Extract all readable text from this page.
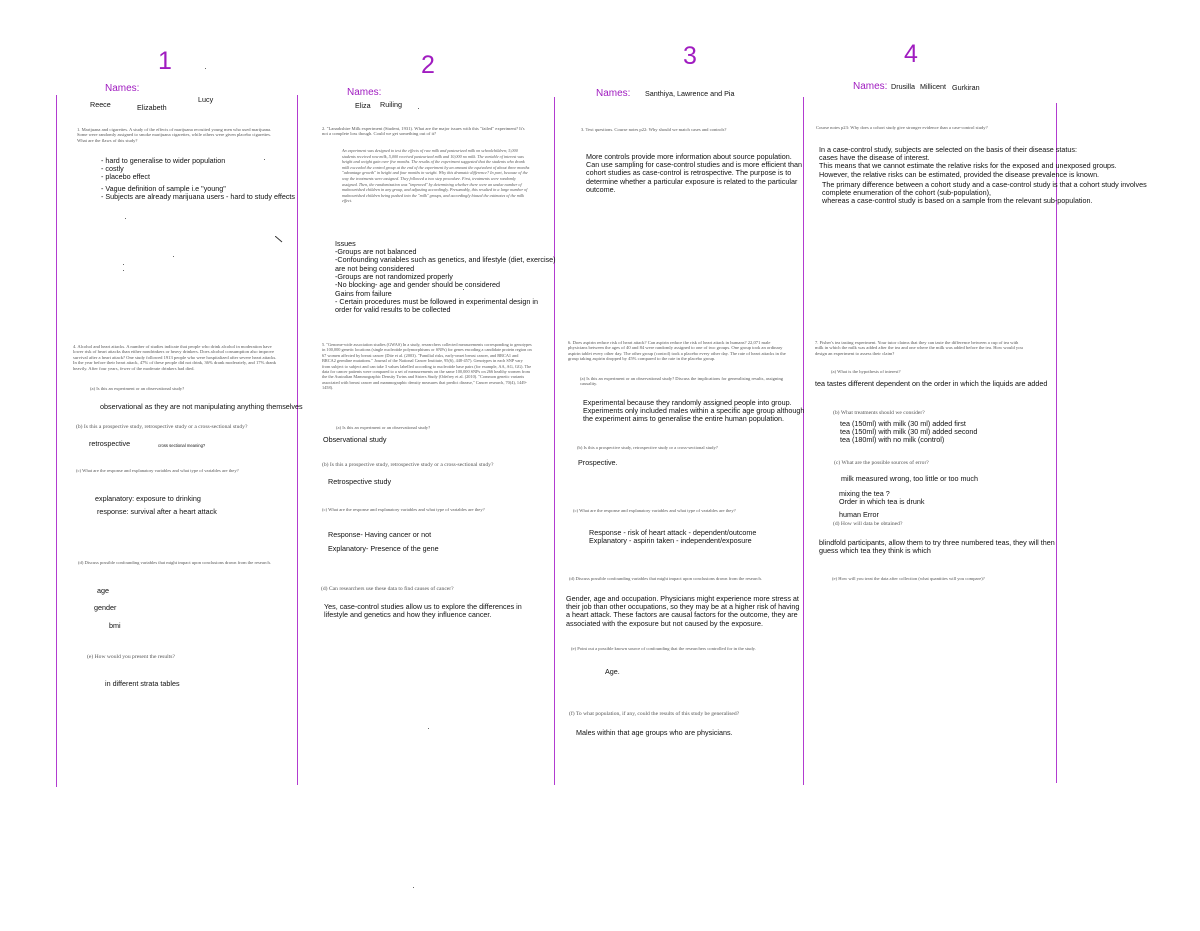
1
Names:
Reece	Elizabeth
Lucy
1. Marijuana and cigarettes. A study of the effects of marijuana recruited young men who used marijuana. Some were randomly assigned to smoke marijuana cigarettes, while others were given placebo cigarettes. What are the flaws of this study?
- hard to generalise to wider population
- costly
- placebo effect
- Vague definition of sample i.e "young"
- Subjects are already marijuana users - hard to study effects
4. Alcohol and heart attacks. A number of studies indicate that people who drink alcohol in moderation have lower risk of heart attacks than either nondrinkers or heavy drinkers. Does alcohol consumption also improve survival after a heart attack? One study followed 1913 people who were hospitalized after severe heart attacks. In the year before their heart attack, 47% of these people did not drink, 36% drank moderately, and 17% drank heavily. After four years, fewer of the moderate drinkers had died.
(a) Is this an experiment or an observational study?
observational as they are not manipulating anything themselves
(b) Is this a prospective study, retrospective study or a cross-sectional study?
retrospective	cross sectional meaning?
(c) What are the response and explanatory variables and what type of variables are they?
explanatory: exposure to drinking
response: survival after a heart attack
(d) Discuss possible confounding variables that might impact upon conclusions drawn from the research.
age
gender
bmi
(e) How would you present the results?
in different strata tables
2
Names:
Eliza Ruiling
2. "Lanarkshire Milk experiment (Student, 1931). What are the major issues with this "failed" experiment? It's not a complete loss though. Could we get something out of it?
An experiment was designed to test the effects of raw milk and pasteurized milk on schoolchildren; 5,000 students received raw milk, 5,000 received pasteurized milk and 10,000 no milk. The variable of interest was height and weight gain over five months. The results of the experiment suggested that the students who drank milk exceeded the control group at the end of the experiment by an amount the equivalent of about three months "advantage growth" in height and four months in weight. Why this dramatic difference? In part, because of the way the treatments were assigned. They followed a two step procedure. First, treatments were randomly assigned. Then, the randomization was "improved" by determining whether there were an undue number of malnourished children in any group, and adjusting accordingly. Presumably, this resulted in a large number of malnourished children being pushed into the "milk" groups, and accordingly biased the estimates of the milk effect.
Issues
-Groups are not balanced
-Confounding variables such as genetics, and lifestyle (diet, exercise)
are not being considered
-Groups are not randomized properly
-No blocking- age and gender should be considered
Gains from failure
- Certain procedures must be followed in experimental design in
order for valid results to be collected
5. "Genome-wide association studies (GWAS) In a study, researchers collected measurements corresponding to genotypes in 100,000 genetic locations (single nucleotide polymorphisms or SNPs) for genes encoding a candidate protein region on 67 women affected by breast cancer (Dite et al. (2003). "Familial risks, early-onset breast cancer, and BRCA1 and BRCA2 germline mutations." Journal of the National Cancer Institute, 95(6), 448-457). Genotypes in each SNP vary from subject to subject and can take 3 values labelled according to nucleotide base pairs (for example, AA, AG, GG). The data for cancer patients were compared to a set of measurements on the same 100,000 SNPs on 266 healthy women from the the Australian Mammographic Density Twins and Sisters Study (Odefrey et al. (2010). "Common genetic variants associated with breast cancer and mammographic density measures that predict disease," Cancer research, 70(4), 1449-1458).
(a) Is this an experiment or an observational study?
Observational study
(b) Is this a prospective study, retrospective study or a cross-sectional study?
Retrospective study
(c) What are the response and explanatory variables and what type of variables are they?
Response- Having cancer or not
Explanatory- Presence of the gene
(d) Can researchers use these data to find causes of cancer?
Yes, case-control studies allow us to explore the differences in
lifestyle and genetics and how they influence cancer.
3
Names: Santhiya, Lawrence and Pia
3. Text questions. Course notes p22: Why should we match cases and controls?
More controls provide more information about source population.
Can use sampling for case-control studies and is more efficient than
cohort studies as case-control is retrospective. The purpose is to
determine whether a particular exposure is related to the particular
outcome.
6. Does aspirin reduce risk of heart attack? Can aspirin reduce the risk of heart attack in humans? 22,071 male physicians between the ages of 40 and 84 were randomly assigned to one of two groups. One group took an ordinary aspirin tablet every other day. The other group (control) took a placebo every other day. The rate of heart attacks in the group taking aspirin dropped by 45% compared to the rate in the placebo group.
(a) Is this an experiment or an observational study? Discuss the implications for generalising results, assigning causality.
Experimental because they randomly assigned people into group.
Experiments only included males within a specific age group although
the experiment aims to generalise the entire human population.
(b) Is this a prospective study, retrospective study or a cross-sectional study?
Prospective.
(c) What are the response and explanatory variables and what type of variables are they?
Response - risk of heart attack - dependent/outcome
Explanatory - aspirin taken - independent/exposure
(d) Discuss possible confounding variables that might impact upon conclusions drawn from the research.
Gender, age and occupation. Physicians might experience more stress at
their job than other occupations, so they may be at a higher risk of having
a heart attack. These factors are causal factors for the outcome, they are
associated with the exposure but not caused by the exposure.
(e) Point out a possible known source of confounding that the researchers controlled for in the study.
Age.
(f) To what population, if any, could the results of this study be generalised?
Males within that age groups who are physicians.
4
Names: Drusilla Millicent Gurkiran
Course notes p23: Why does a cohort study give stronger evidence than a case-control study?
In a case-control study, subjects are selected on the basis of their disease status:
cases have the disease of interest.
This means that we cannot estimate the relative risks for the exposed and unexposed groups.
However, the relative risks can be estimated, provided the disease prevalence is known.
The primary difference between a cohort study and a case-control study is that a cohort study involves
complete enumeration of the cohort (sub-population),
whereas a case-control study is based on a sample from the relevant sub-population.
7. Fisher's tea tasting experiment. Your tutor claims that they can taste the difference between a cup of tea with milk in which the milk was added after the tea and one where the milk was added before the tea. How would you design an experiment to assess their claim?
(a) What is the hypothesis of interest?
tea tastes different dependent on the order in which the liquids are added
(b) What treatments should we consider?
tea (150ml) with milk (30 ml) added first
tea (150ml) with milk (30 ml) added second
tea (180ml) with no milk (control)
(c) What are the possible sources of error?
milk measured wrong, too little or too much
mixing the tea ?
Order in which tea is drunk
human Error
(d) How will data be obtained?
blindfold participants, allow them to try three numbered teas, they will then
guess which tea they think is which
(e) How will you treat the data after collection (what quantities will you compare)?
